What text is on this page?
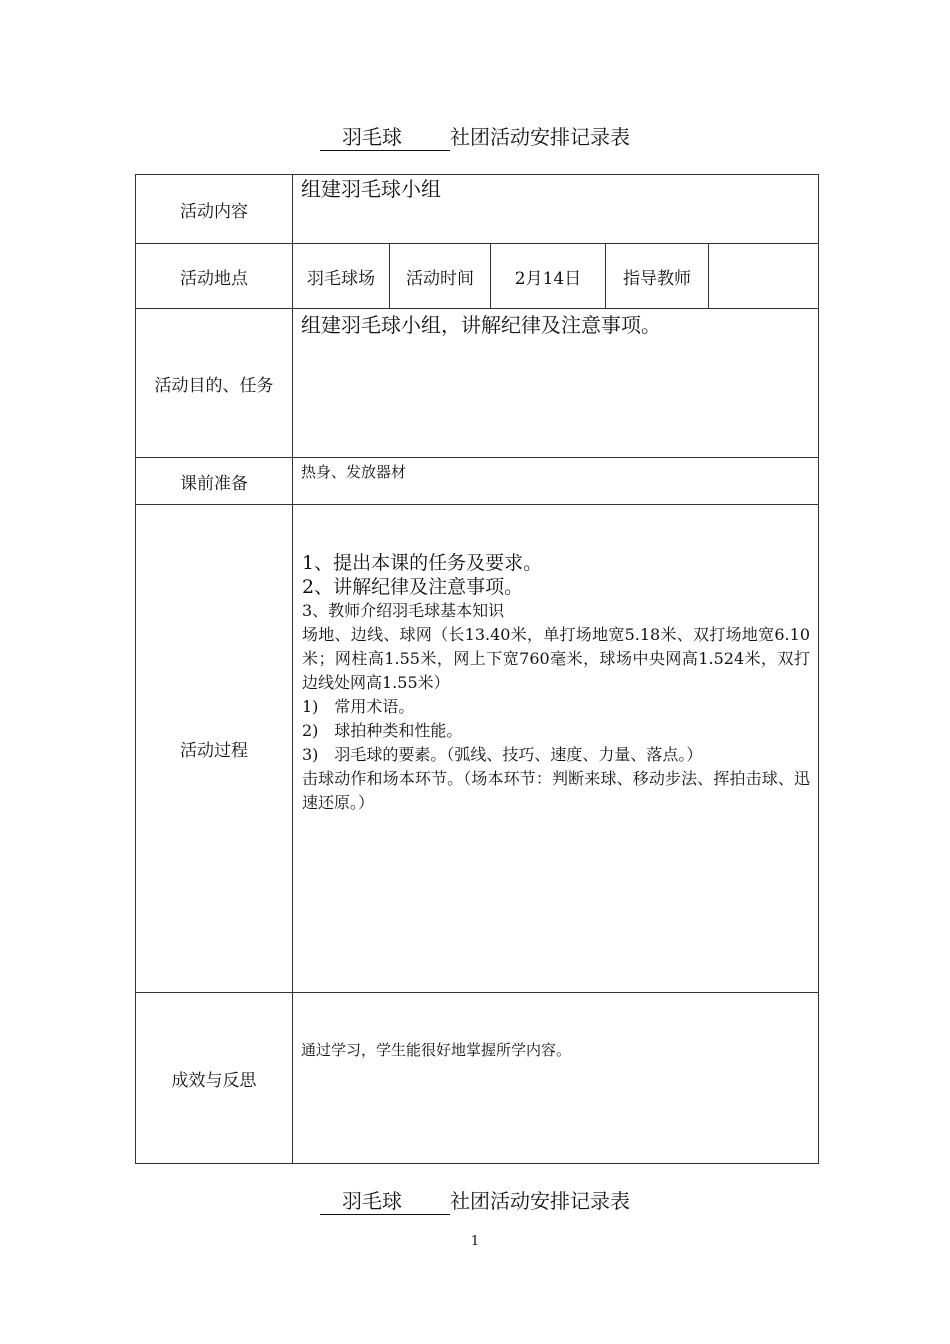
羽毛球 社团活动安排记录表
活动内容	
组建羽毛球小组

活动地点		羽毛球场	活动时间	2月14日	指导教师	

活动目的、任务	
组建羽毛球小组，讲解纪律及注意事项。

课前准备	
热身、发放器材

活动过程	
1、提出本课的任务及要求。
2、讲解纪律及注意事项。
3、教师介绍羽毛球基本知识
场地、边线、球网（长13.40米，单打场地宽5.18米、双打场地宽6.10米；网柱高1.55米，网上下宽760毫米，球场中央网高1.524米，双打边线处网高1.55米）
1)　常用术语。
2)　球拍种类和性能。
3)　羽毛球的要素。（弧线、技巧、速度、力量、落点。）
击球动作和场本环节。（场本环节：判断来球、移动步法、挥拍击球、迅速还原。）

成效与反思	
通过学习，学生能很好地掌握所学内容。
羽毛球 社团活动安排记录表
1
